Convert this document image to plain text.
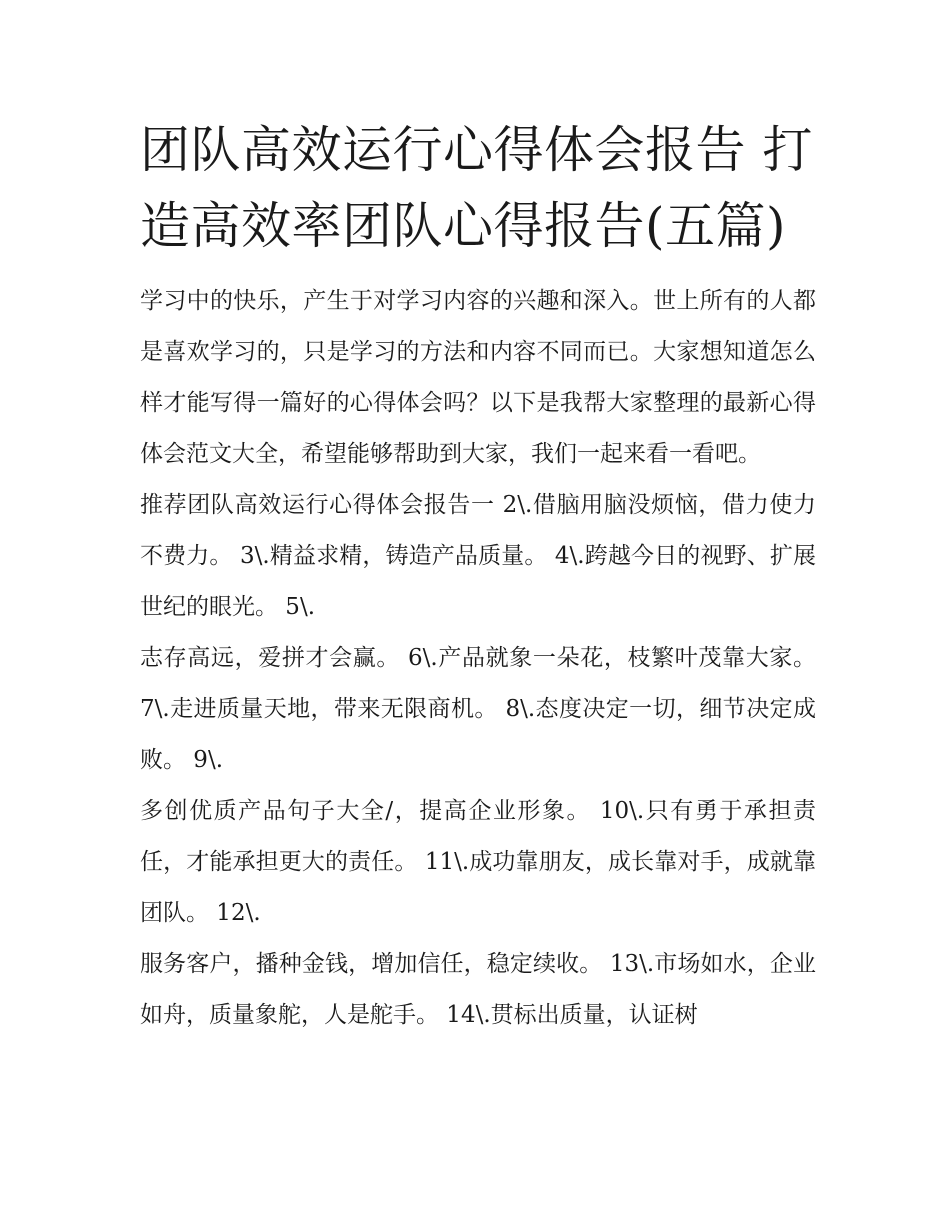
团队高效运行心得体会报告 打造高效率团队心得报告(五篇)

学习中的快乐，产生于对学习内容的兴趣和深入。世上所有的人都是喜欢学习的，只是学习的方法和内容不同而已。大家想知道怎么样才能写得一篇好的心得体会吗？以下是我帮大家整理的最新心得体会范文大全，希望能够帮助到大家，我们一起来看一看吧。

推荐团队高效运行心得体会报告一 2\.借脑用脑没烦恼，借力使力不费力。 3\.精益求精，铸造产品质量。 4\.跨越今日的视野、扩展世纪的眼光。 5\.

志存高远，爱拼才会赢。 6\.产品就象一朵花，枝繁叶茂靠大家。 7\.走进质量天地，带来无限商机。 8\.态度决定一切，细节决定成败。 9\.

多创优质产品句子大全/，提高企业形象。 10\.只有勇于承担责任，才能承担更大的责任。 11\.成功靠朋友，成长靠对手，成就靠团队。 12\.

服务客户，播种金钱，增加信任，稳定续收。 13\.市场如水，企业如舟，质量象舵，人是舵手。 14\.贯标出质量，认证树
